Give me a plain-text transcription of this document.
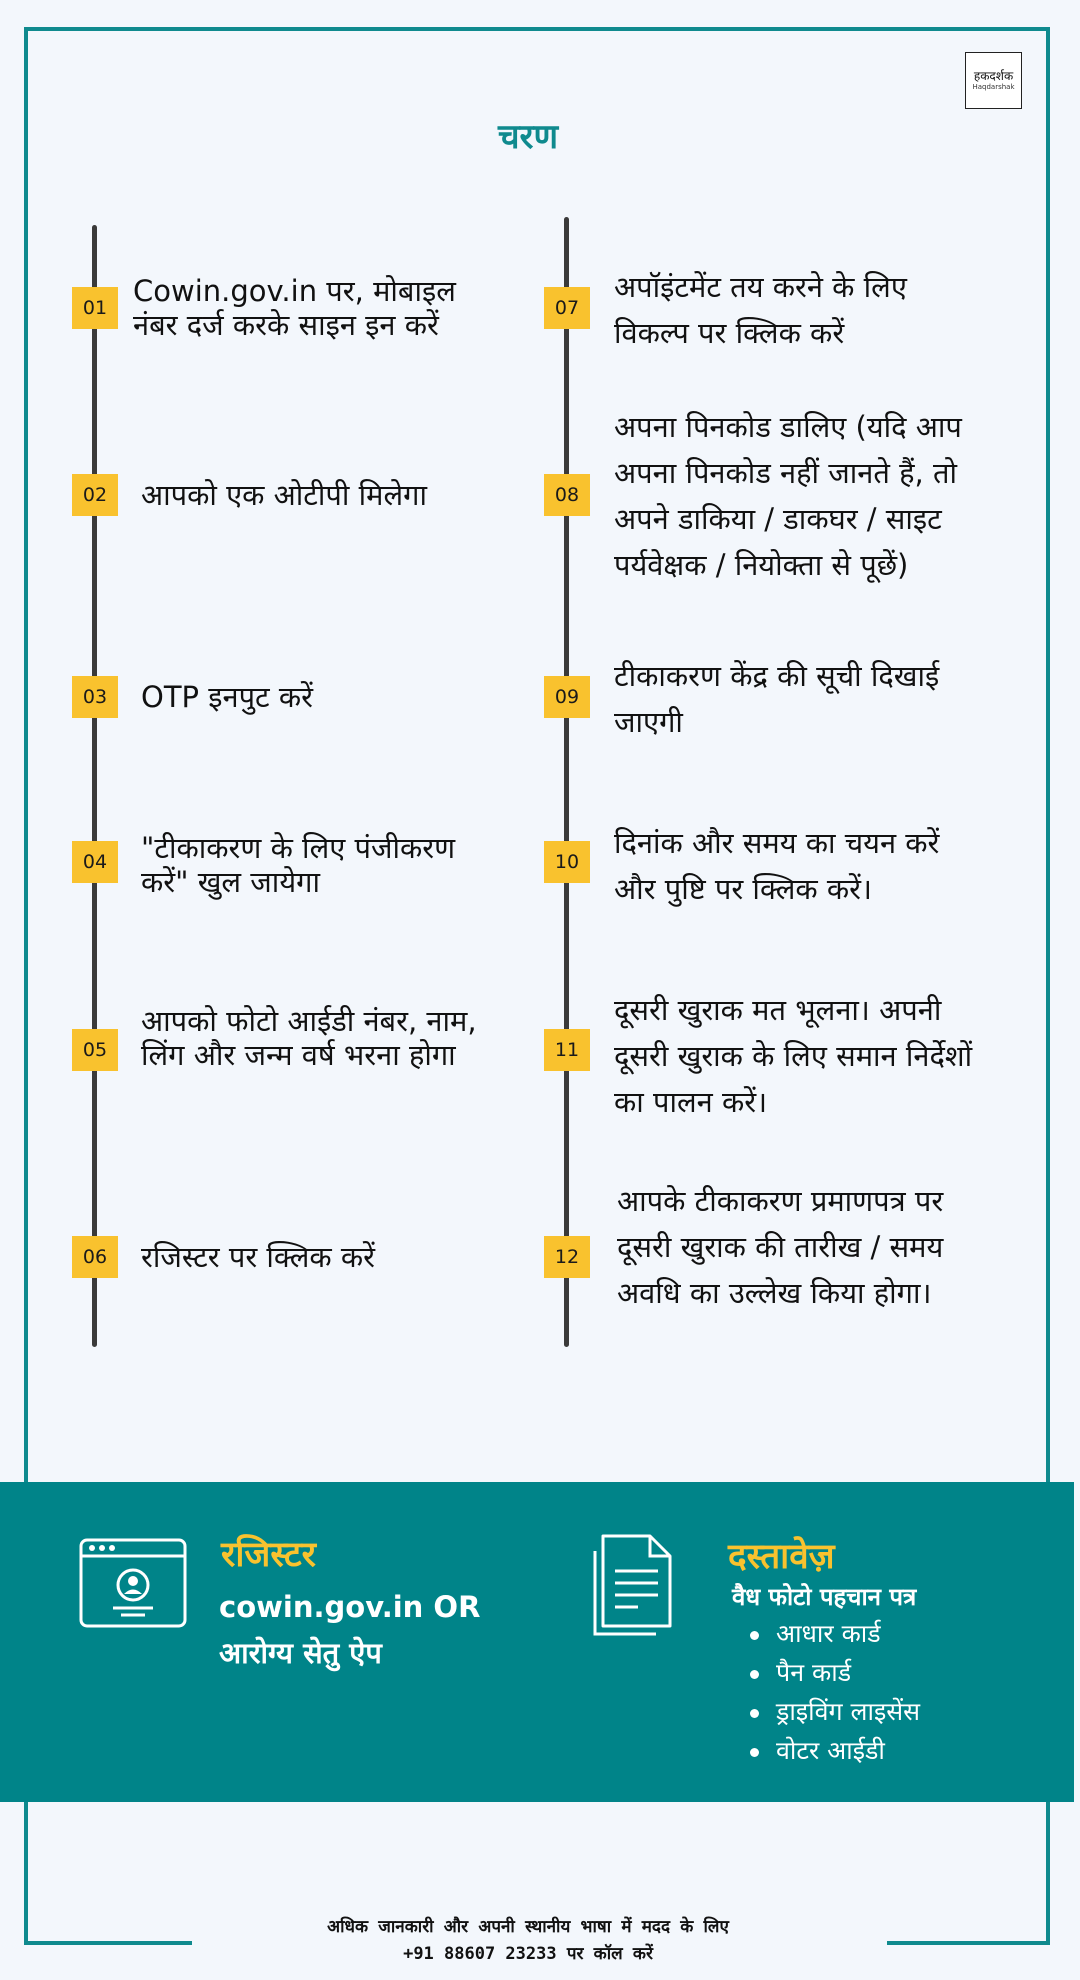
हकदर्शक
Haqdarshak
चरण
01 Cowin.gov.in पर, मोबाइल
नंबर दर्ज करके साइन इन करें
02	आपको एक ओटीपी मिलेगा
03	OTP इनपुट करें
04	"टीकाकरण के लिए पंजीकरण
करें" खुल जायेगा
05
आपको फोटो आईडी नंबर, नाम,
लिंग और जन्म वर्ष भरना होगा
06	रजिस्टर पर क्लिक करें
07
अपॉइंटमेंट तय करने के लिए
विकल्प पर क्लिक करें
08
अपना पिनकोड डालिए (यदि आप
अपना पिनकोड नहीं जानते हैं, तो
अपने डाकिया / डाकघर / साइट
पर्यवेक्षक / नियोक्ता से पूछें)
09
टीकाकरण केंद्र की सूची दिखाई
जाएगी
10
दिनांक और समय का चयन करें
और पुष्टि पर क्लिक करें।
11
दूसरी खुराक मत भूलना। अपनी
दूसरी खुराक के लिए समान निर्देशों
का पालन करें।
12
आपके टीकाकरण प्रमाणपत्र पर
दूसरी खुराक की तारीख / समय
अवधि का उल्लेख किया होगा।
रजिस्टर
cowin.gov.in OR
आरोग्य सेतु ऐप
दस्तावेज़
वैध फोटो पहचान पत्र
आधार कार्ड
पैन कार्ड
ड्राइविंग लाइसेंस
वोटर आईडी
अधिक जानकारी और अपनी स्थानीय भाषा में मदद के लिए
+91 88607 23233 पर कॉल करें
